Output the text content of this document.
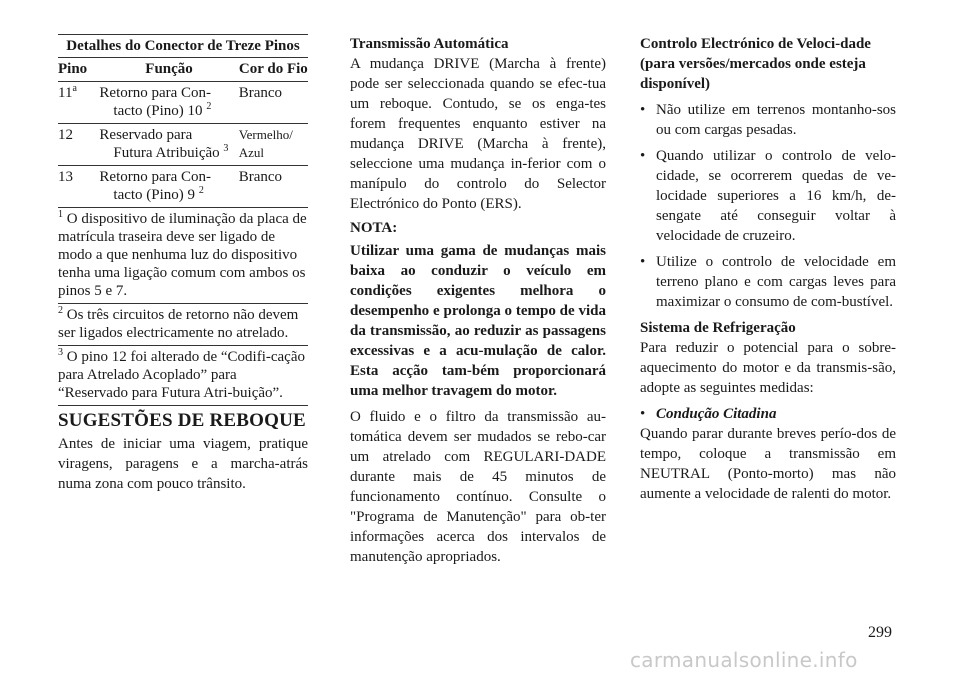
Detalhes do Conector de Treze Pinos		
Pino	Função	Cor do Fio
11$^a$	Retorno para Con-tacto (Pino) 10 $^2$	Branco
12	Reservado para Futura Atribuição $^3$	Vermelho/ Azul
13	Retorno para Con-tacto (Pino) 9 $^2$	Branco
$^1$ O dispositivo de iluminação da placa de matrícula traseira deve ser ligado de modo a que nenhuma luz do dispositivo tenha uma ligação comum com ambos os pinos 5 e 7.		
$^2$ Os três circuitos de retorno não devem ser ligados electricamente no atrelado.		
$^3$ O pino 12 foi alterado de “Codifi-cação para Atrelado Acoplado” para “Reservado para Futura Atri-buição”.		
SUGESTÕES DE REBOQUE

Antes de iniciar uma viagem, pratique viragens, paragens e a marcha-atrás numa zona com pouco trânsito.

Transmissão Automática

A mudança DRIVE (Marcha à frente) pode ser seleccionada quando se efec-tua um reboque. Contudo, se os enga-tes forem frequentes enquanto estiver na mudança DRIVE (Marcha à frente), seleccione uma mudança in-ferior com o manípulo do controlo do Selector Electrónico do Ponto (ERS).

NOTA:

Utilizar uma gama de mudanças mais baixa ao conduzir o veículo em condições exigentes melhora o desempenho e prolonga o tempo de vida da transmissão, ao reduzir as passagens excessivas e a acu-mulação de calor. Esta acção tam-bém proporcionará uma melhor travagem do motor.

O fluido e o filtro da transmissão au-tomática devem ser mudados se rebo-car um atrelado com REGULARI-DADE durante mais de 45 minutos de funcionamento contínuo. Consulte o "Programa de Manutenção" para ob-ter informações acerca dos intervalos de manutenção apropriados.

Controlo Electrónico de Veloci-dade (para versões/mercados onde esteja disponível)
• Não utilize em terrenos montanho-sos ou com cargas pesadas.
• Quando utilizar o controlo de velo-cidade, se ocorrerem quedas de ve-locidade superiores a 16 km/h, de-sengate até conseguir voltar à velocidade de cruzeiro.
• Utilize o controlo de velocidade em terreno plano e com cargas leves para maximizar o consumo de com-bustível.
Sistema de Refrigeração

Para reduzir o potencial para o sobre-aquecimento do motor e da transmis-são, adopte as seguintes medidas:

• Condução Citadina

Quando parar durante breves perío-dos de tempo, coloque a transmissão em NEUTRAL (Ponto-morto) mas não aumente a velocidade de ralenti do motor.

299
carmanualsonline.info
